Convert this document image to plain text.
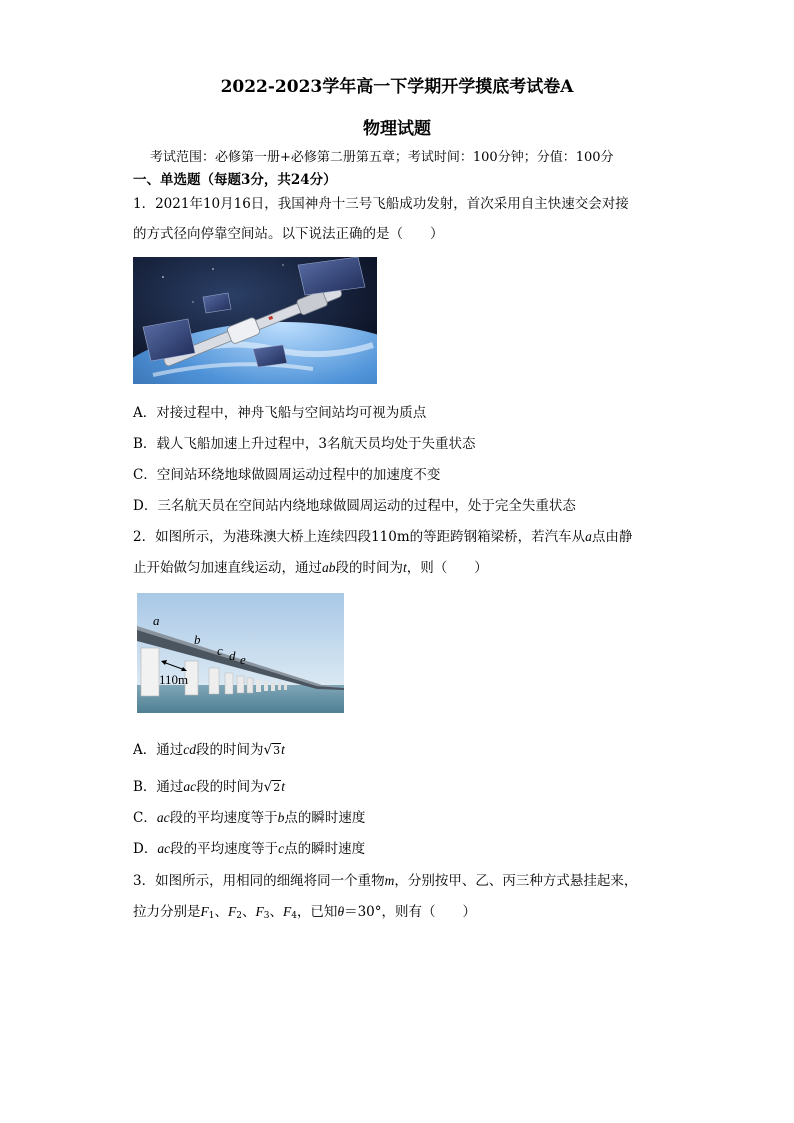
2022-2023学年高一下学期开学摸底考试卷A
物理试题
考试范围：必修第一册+必修第二册第五章；考试时间：100分钟；分值：100分
一、单选题（每题3分，共24分）
1．2021年10月16日，我国神舟十三号飞船成功发射，首次采用自主快速交会对接
的方式径向停靠空间站。以下说法正确的是（　　）
A．对接过程中，神舟飞船与空间站均可视为质点
B．载人飞船加速上升过程中，3名航天员均处于失重状态
C．空间站环绕地球做圆周运动过程中的加速度不变
D．三名航天员在空间站内绕地球做圆周运动的过程中，处于完全失重状态
2．如图所示，为港珠澳大桥上连续四段110m的等距跨钢箱梁桥，若汽车从a点由静
止开始做匀加速直线运动，通过ab段的时间为t，则（　　）
a
b
c d e
110m
A．通过cd段的时间为√3t
B．通过ac段的时间为√2t
C．ac段的平均速度等于b点的瞬时速度
D．ac段的平均速度等于c点的瞬时速度
3．如图所示，用相同的细绳将同一个重物m，分别按甲、乙、丙三种方式悬挂起来，
拉力分别是$F_1$、$F_2$、$F_3$、$F_4$，已知θ＝30°，则有（　　）
